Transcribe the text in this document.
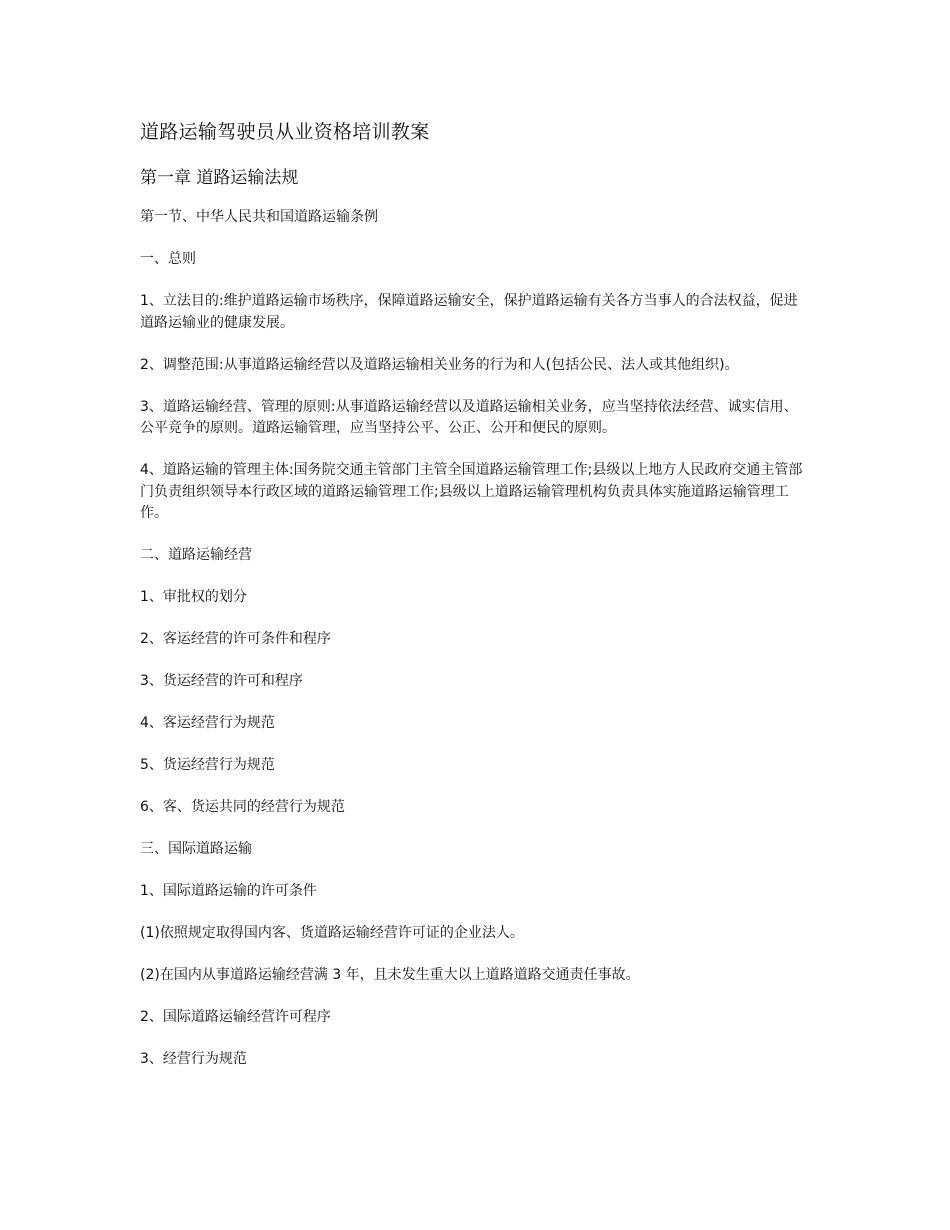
道路运输驾驶员从业资格培训教案
第一章 道路运输法规

第一节、中华人民共和国道路运输条例

一、总则

1、立法目的:维护道路运输市场秩序，保障道路运输安全，保护道路运输有关各方当事人的合法权益，促进道路运输业的健康发展。

2、调整范围:从事道路运输经营以及道路运输相关业务的行为和人(包括公民、法人或其他组织)。

3、道路运输经营、管理的原则:从事道路运输经营以及道路运输相关业务，应当坚持依法经营、诚实信用、公平竞争的原则。道路运输管理，应当坚持公平、公正、公开和便民的原则。

4、道路运输的管理主体:国务院交通主管部门主管全国道路运输管理工作;县级以上地方人民政府交通主管部门负责组织领导本行政区域的道路运输管理工作;县级以上道路运输管理机构负责具体实施道路运输管理工作。

二、道路运输经营

1、审批权的划分

2、客运经营的许可条件和程序

3、货运经营的许可和程序

4、客运经营行为规范

5、货运经营行为规范

6、客、货运共同的经营行为规范

三、国际道路运输

1、国际道路运输的许可条件

(1)依照规定取得国内客、货道路运输经营许可证的企业法人。

(2)在国内从事道路运输经营满 3 年，且未发生重大以上道路道路交通责任事故。

2、国际道路运输经营许可程序

3、经营行为规范
